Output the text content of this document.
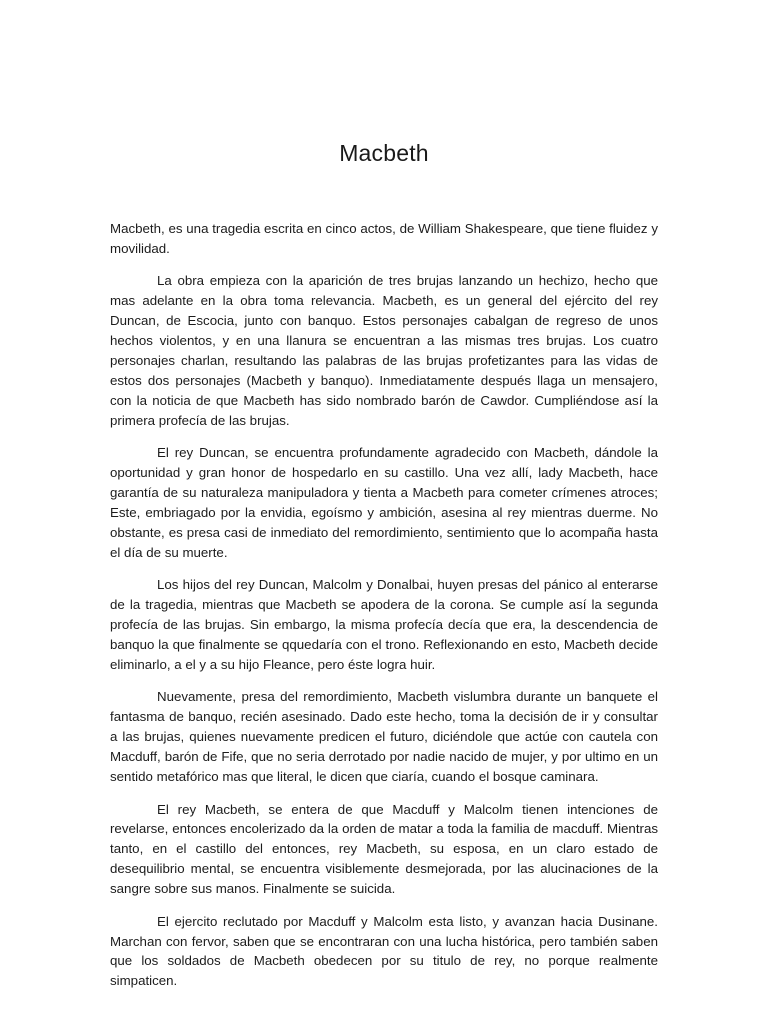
Macbeth

Macbeth, es una tragedia escrita en cinco actos, de William Shakespeare, que tiene fluidez y movilidad.

La obra empieza con la aparición de tres brujas lanzando un hechizo, hecho que mas adelante en la obra toma relevancia. Macbeth, es un general del ejército del rey Duncan, de Escocia, junto con banquo. Estos personajes cabalgan de regreso de unos hechos violentos, y en una llanura se encuentran a las mismas tres brujas. Los cuatro personajes charlan, resultando las palabras de las brujas profetizantes para las vidas de estos dos personajes (Macbeth y banquo). Inmediatamente después llaga un mensajero, con la noticia de que Macbeth has sido nombrado barón de Cawdor. Cumpliéndose así la primera profecía de las brujas.

El rey Duncan, se encuentra profundamente agradecido con Macbeth, dándole la oportunidad y gran honor de hospedarlo en su castillo. Una vez allí, lady Macbeth, hace garantía de su naturaleza manipuladora y tienta a Macbeth para cometer crímenes atroces; Este, embriagado por la envidia, egoísmo y ambición, asesina al rey mientras duerme. No obstante, es presa casi de inmediato del remordimiento, sentimiento que lo acompaña hasta el día de su muerte.

Los hijos del rey Duncan, Malcolm y Donalbai, huyen presas del pánico al enterarse de la tragedia, mientras que Macbeth se apodera de la corona. Se cumple así la segunda profecía de las brujas. Sin embargo, la misma profecía decía que era, la descendencia de banquo la que finalmente se qquedaría con el trono. Reflexionando en esto, Macbeth decide eliminarlo, a el y a su hijo Fleance, pero éste logra huir.

Nuevamente, presa del remordimiento, Macbeth vislumbra durante un banquete el fantasma de banquo, recién asesinado. Dado este hecho, toma la decisión de ir y consultar a las brujas, quienes nuevamente predicen el futuro, diciéndole que actúe con cautela con Macduff, barón de Fife, que no seria derrotado por nadie nacido de mujer, y por ultimo en un sentido metafórico mas que literal, le dicen que ciaría, cuando el bosque caminara.

El rey Macbeth, se entera de que Macduff y Malcolm tienen intenciones de revelarse, entonces encolerizado da la orden de matar a toda la familia de macduff. Mientras tanto, en el castillo del entonces, rey Macbeth, su esposa, en un claro estado de desequilibrio mental, se encuentra visiblemente desmejorada, por las alucinaciones de la sangre sobre sus manos. Finalmente se suicida.

El ejercito reclutado por Macduff y Malcolm esta listo, y avanzan hacia Dusinane. Marchan con fervor, saben que se encontraran con una lucha histórica, pero también saben que los soldados de Macbeth obedecen por su titulo de rey, no porque realmente simpaticen.
